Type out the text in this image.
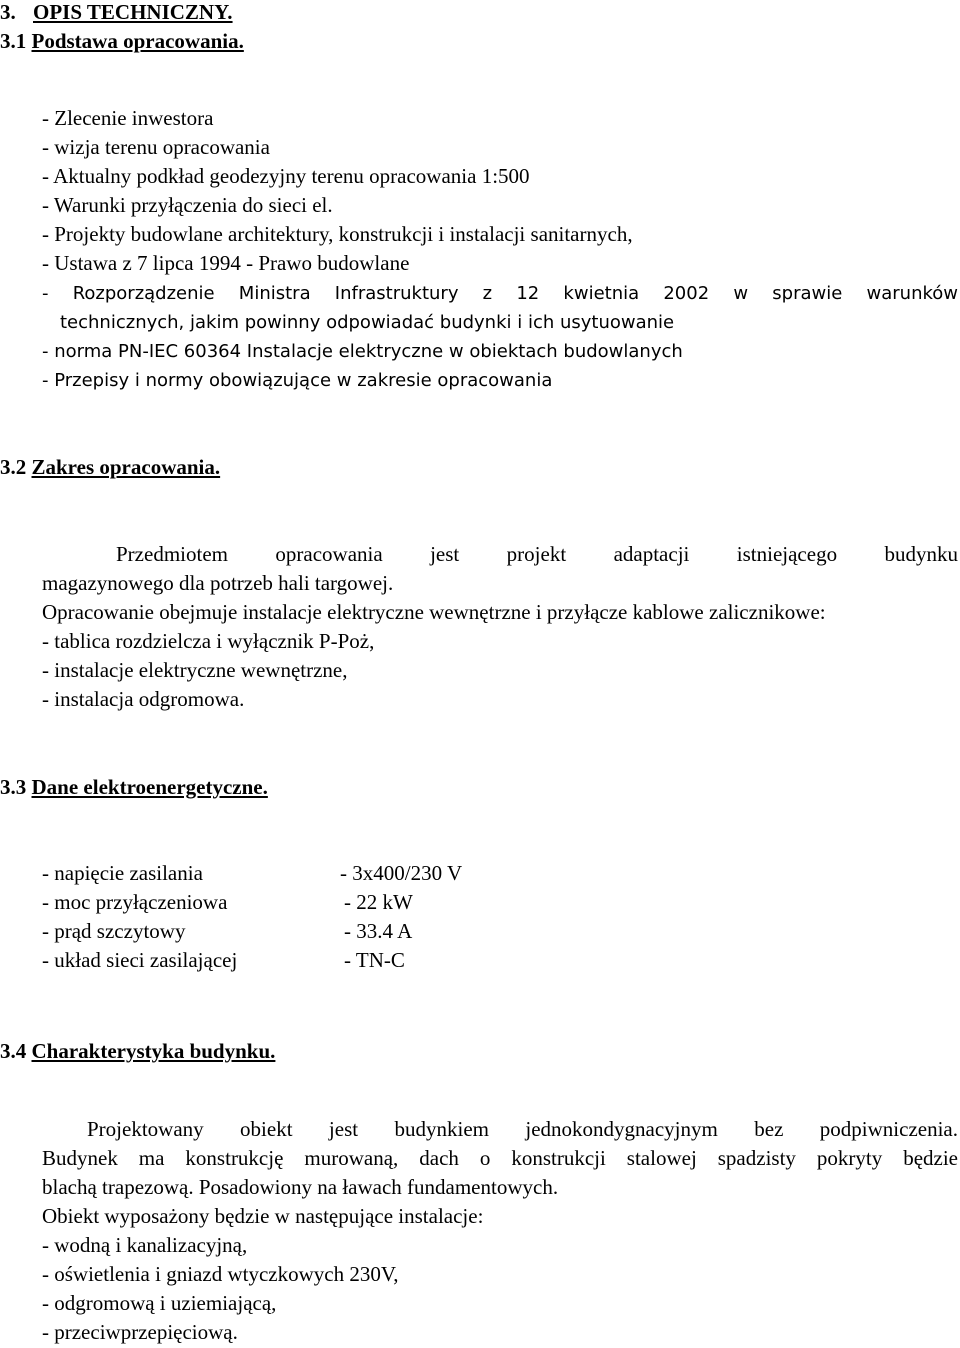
3. OPIS TECHNICZNY.
3.1 Podstawa opracowania.
- Zlecenie inwestora
- wizja terenu opracowania
- Aktualny podkład geodezyjny terenu opracowania 1:500
- Warunki przyłączenia do sieci el.
- Projekty budowlane architektury, konstrukcji i instalacji sanitarnych,
- Ustawa z 7 lipca 1994 - Prawo budowlane
- Rozporządzenie Ministra Infrastruktury z 12 kwietnia 2002 w sprawie warunków
technicznych, jakim powinny odpowiadać budynki i ich usytuowanie
- norma PN-IEC 60364 Instalacje elektryczne w obiektach budowlanych
- Przepisy i normy obowiązujące w zakresie opracowania
3.2 Zakres opracowania.
Przedmiotem opracowania jest projekt adaptacji istniejącego budynku
magazynowego dla potrzeb hali targowej.
Opracowanie obejmuje instalacje elektryczne wewnętrzne i przyłącze kablowe zalicznikowe:
- tablica rozdzielcza i wyłącznik P-Poż,
- instalacje elektryczne wewnętrzne,
- instalacja odgromowa.
3.3 Dane elektroenergetyczne.
- napięcie zasilania	- 3x400/230 V
- moc przyłączeniowa	- 22 kW
- prąd szczytowy	- 33.4 A
- układ sieci zasilającej	- TN-C
3.4 Charakterystyka budynku.
Projektowany obiekt jest budynkiem jednokondygnacyjnym bez podpiwniczenia.
Budynek ma konstrukcję murowaną, dach o konstrukcji stalowej spadzisty pokryty będzie
blachą trapezową. Posadowiony na ławach fundamentowych.
Obiekt wyposażony będzie w następujące instalacje:
- wodną i kanalizacyjną,
- oświetlenia i gniazd wtyczkowych 230V,
- odgromową i uziemiającą,
- przeciwprzepięciową.
